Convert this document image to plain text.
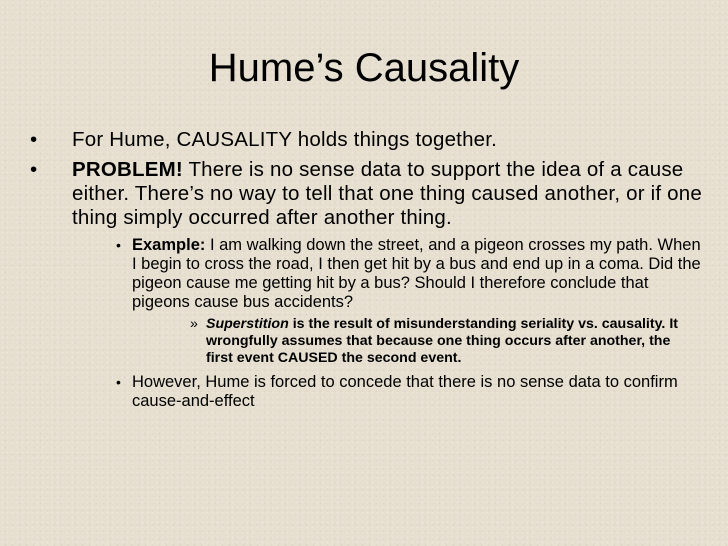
Hume’s Causality
• For Hume, CAUSALITY holds things together.
• PROBLEM! There is no sense data to support the idea of a cause either. There’s no way to tell that one thing caused another, or if one thing simply occurred after another thing.
• Example: I am walking down the street, and a pigeon crosses my path. When I begin to cross the road, I then get hit by a bus and end up in a coma. Did the pigeon cause me getting hit by a bus? Should I therefore conclude that pigeons cause bus accidents?
» Superstition is the result of misunderstanding seriality vs. causality. It wrongfully assumes that because one thing occurs after another, the first event CAUSED the second event.
• However, Hume is forced to concede that there is no sense data to confirm cause-and-effect
